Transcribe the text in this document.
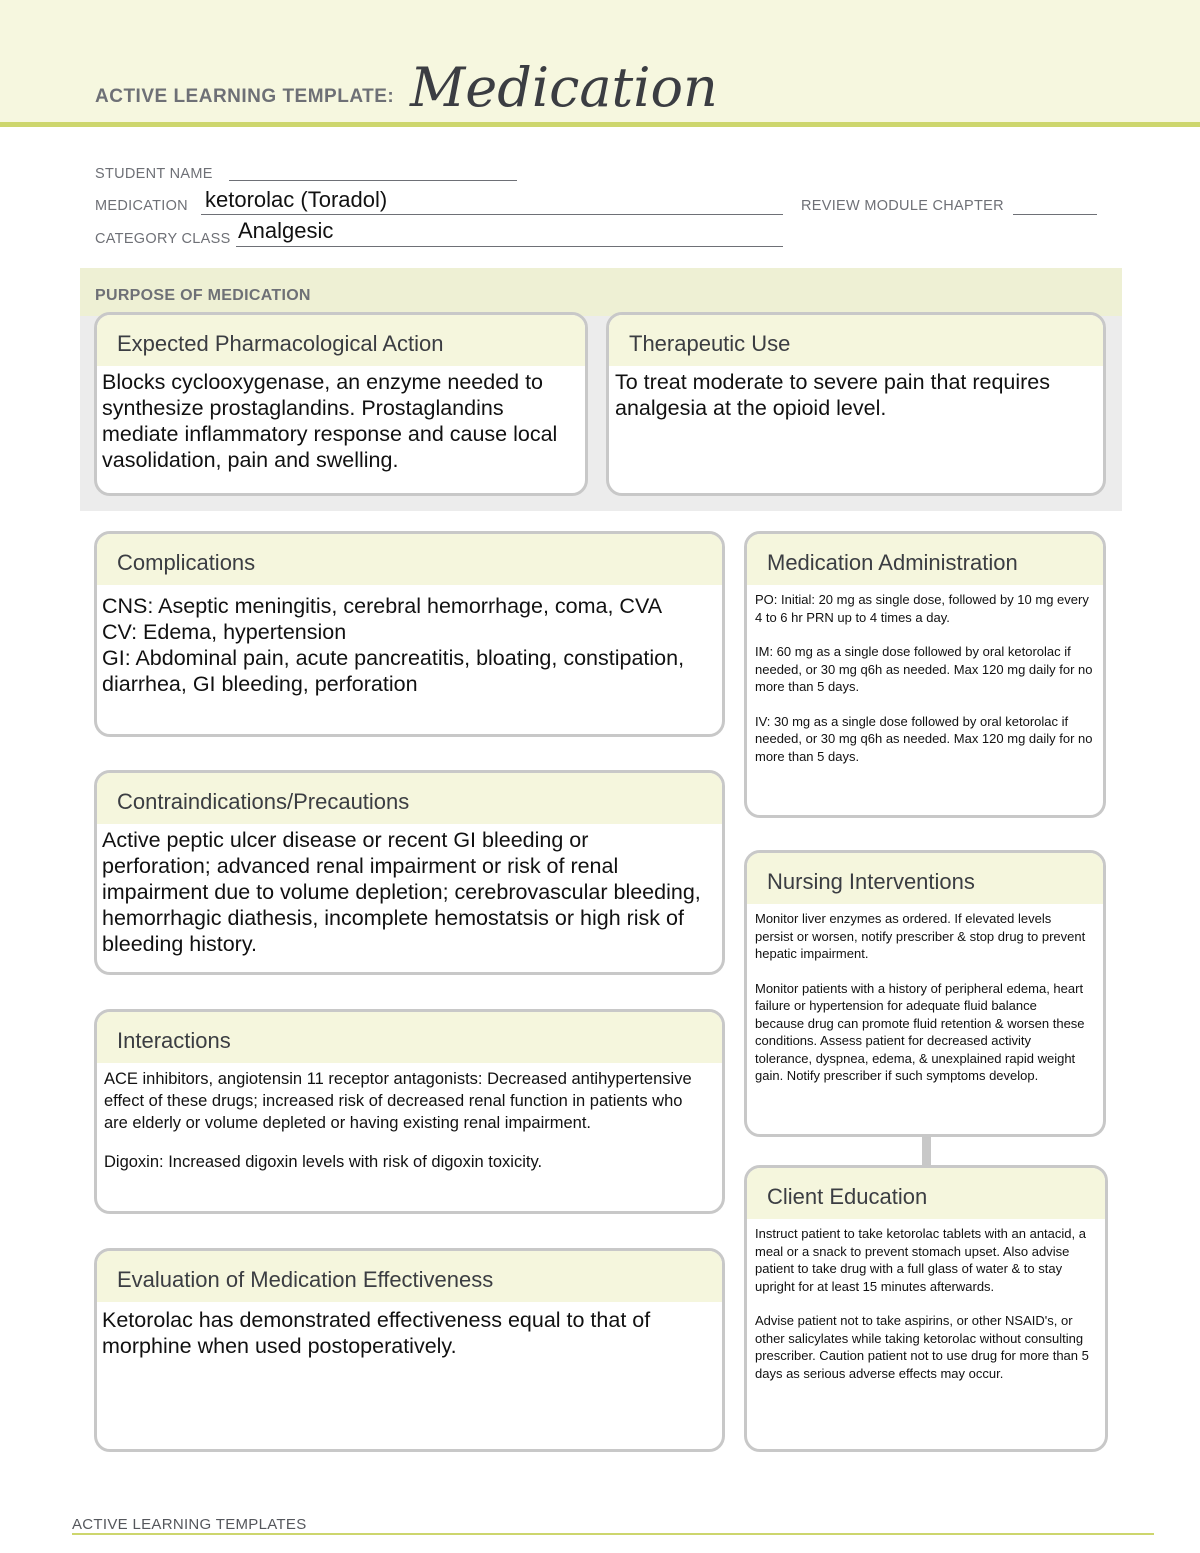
ACTIVE LEARNING TEMPLATE: Medication
STUDENT NAME
MEDICATION ketorolac (Toradol)	REVIEW MODULE CHAPTER
CATEGORY CLASS Analgesic
PURPOSE OF MEDICATION
Expected Pharmacological Action
Blocks cyclooxygenase, an enzyme needed to synthesize prostaglandins. Prostaglandins mediate inflammatory response and cause local vasolidation, pain and swelling.
Therapeutic Use
To treat moderate to severe pain that requires analgesia at the opioid level.
Complications
CNS: Aseptic meningitis, cerebral hemorrhage, coma, CVA
CV: Edema, hypertension
GI: Abdominal pain, acute pancreatitis, bloating, constipation, diarrhea, GI bleeding, perforation
Medication Administration

PO: Initial: 20 mg as single dose, followed by 10 mg every 4 to 6 hr PRN up to 4 times a day.

IM: 60 mg as a single dose followed by oral ketorolac if needed, or 30 mg q6h as needed. Max 120 mg daily for no more than 5 days.

IV: 30 mg as a single dose followed by oral ketorolac if needed, or 30 mg q6h as needed. Max 120 mg daily for no more than 5 days.

Contraindications/Precautions
Active peptic ulcer disease or recent GI bleeding or perforation; advanced renal impairment or risk of renal impairment due to volume depletion; cerebrovascular bleeding, hemorrhagic diathesis, incomplete hemostatsis or high risk of bleeding history.
Nursing Interventions

Monitor liver enzymes as ordered. If elevated levels persist or worsen, notify prescriber & stop drug to prevent hepatic impairment.

Monitor patients with a history of peripheral edema, heart failure or hypertension for adequate fluid balance because drug can promote fluid retention & worsen these conditions. Assess patient for decreased activity tolerance, dyspnea, edema, & unexplained rapid weight gain. Notify prescriber if such symptoms develop.

Interactions

ACE inhibitors, angiotensin 11 receptor antagonists: Decreased antihypertensive effect of these drugs; increased risk of decreased renal function in patients who are elderly or volume depleted or having existing renal impairment.

Digoxin: Increased digoxin levels with risk of digoxin toxicity.

Client Education

Instruct patient to take ketorolac tablets with an antacid, a meal or a snack to prevent stomach upset. Also advise patient to take drug with a full glass of water & to stay upright for at least 15 minutes afterwards.

Advise patient not to take aspirins, or other NSAID's, or other salicylates while taking ketorolac without consulting prescriber. Caution patient not to use drug for more than 5 days as serious adverse effects may occur.

Evaluation of Medication Effectiveness
Ketorolac has demonstrated effectiveness equal to that of morphine when used postoperatively.
ACTIVE LEARNING TEMPLATES
